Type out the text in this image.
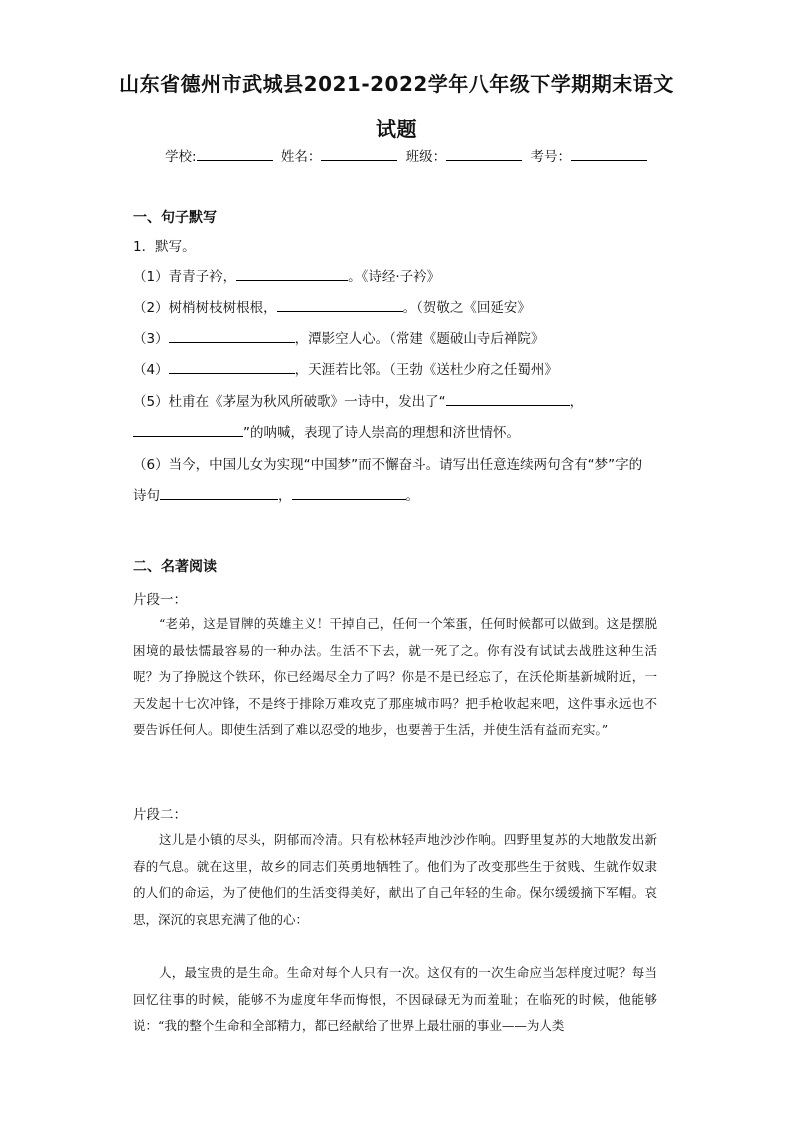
山东省德州市武城县2021-2022学年八年级下学期期末语文
试题
学校:	姓名：	班级：	考号：
一、句子默写
1．默写。
（1）青青子衿，	。《诗经·子衿》
（2）树梢树枝树根根，	。（贺敬之《回延安》
（3）	，潭影空人心。（常建《题破山寺后禅院》
（4）	，天涯若比邻。（王勃《送杜少府之任蜀州》
（5）杜甫在《茅屋为秋风所破歌》一诗中，发出了“	，
”的呐喊，表现了诗人崇高的理想和济世情怀。
（6）当今，中国儿女为实现“中国梦”而不懈奋斗。请写出任意连续两句含有“梦”字的
诗句	，	。
二、名著阅读
片段一：

“老弟，这是冒牌的英雄主义！干掉自己，任何一个笨蛋，任何时候都可以做到。这是摆脱困境的最怯懦最容易的一种办法。生活不下去，就一死了之。你有没有试试去战胜这种生活呢？为了挣脱这个铁环，你已经竭尽全力了吗？你是不是已经忘了，在沃伦斯基新城附近，一天发起十七次冲锋，不是终于排除万难攻克了那座城市吗？把手枪收起来吧，这件事永远也不要告诉任何人。即使生活到了难以忍受的地步，也要善于生活，并使生活有益而充实。”

片段二：

这儿是小镇的尽头，阴郁而冷清。只有松林轻声地沙沙作响。四野里复苏的大地散发出新春的气息。就在这里，故乡的同志们英勇地牺牲了。他们为了改变那些生于贫贱、生就作奴隶的人们的命运，为了使他们的生活变得美好，献出了自己年轻的生命。保尔缓缓摘下军帽。哀思，深沉的哀思充满了他的心：

人，最宝贵的是生命。生命对每个人只有一次。这仅有的一次生命应当怎样度过呢？每当回忆往事的时候，能够不为虚度年华而悔恨，不因碌碌无为而羞耻；在临死的时候，他能够说：“我的整个生命和全部精力，都已经献给了世界上最壮丽的事业——为人类
